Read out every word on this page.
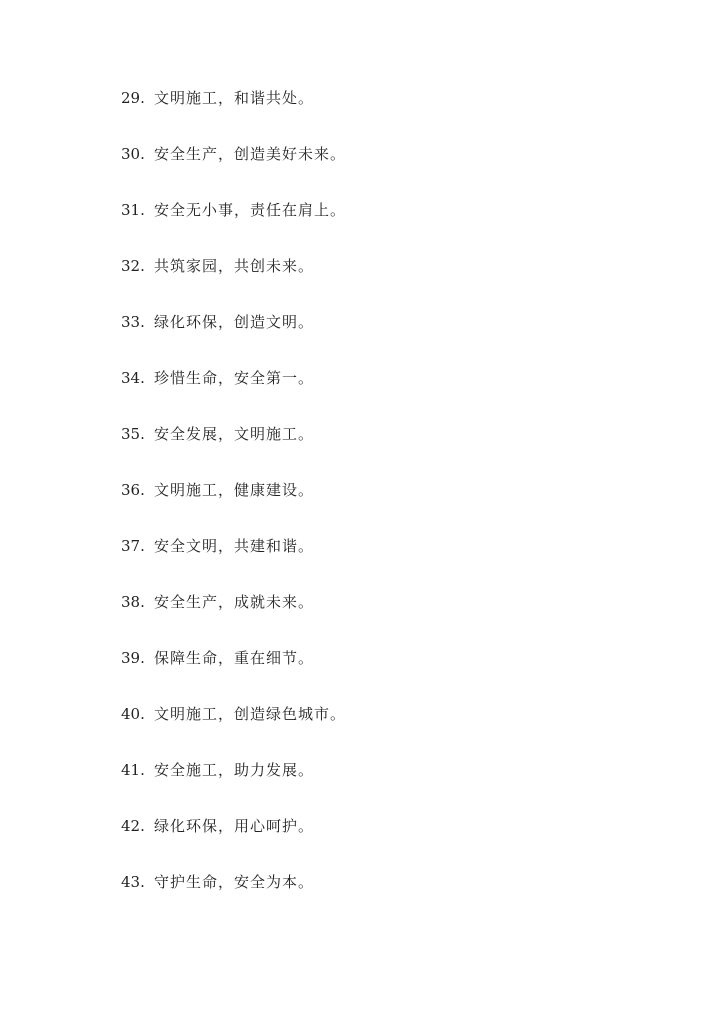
29. 文明施工，和谐共处。
30. 安全生产，创造美好未来。
31. 安全无小事，责任在肩上。
32. 共筑家园，共创未来。
33. 绿化环保，创造文明。
34. 珍惜生命，安全第一。
35. 安全发展，文明施工。
36. 文明施工，健康建设。
37. 安全文明，共建和谐。
38. 安全生产，成就未来。
39. 保障生命，重在细节。
40. 文明施工，创造绿色城市。
41. 安全施工，助力发展。
42. 绿化环保，用心呵护。
43. 守护生命，安全为本。
